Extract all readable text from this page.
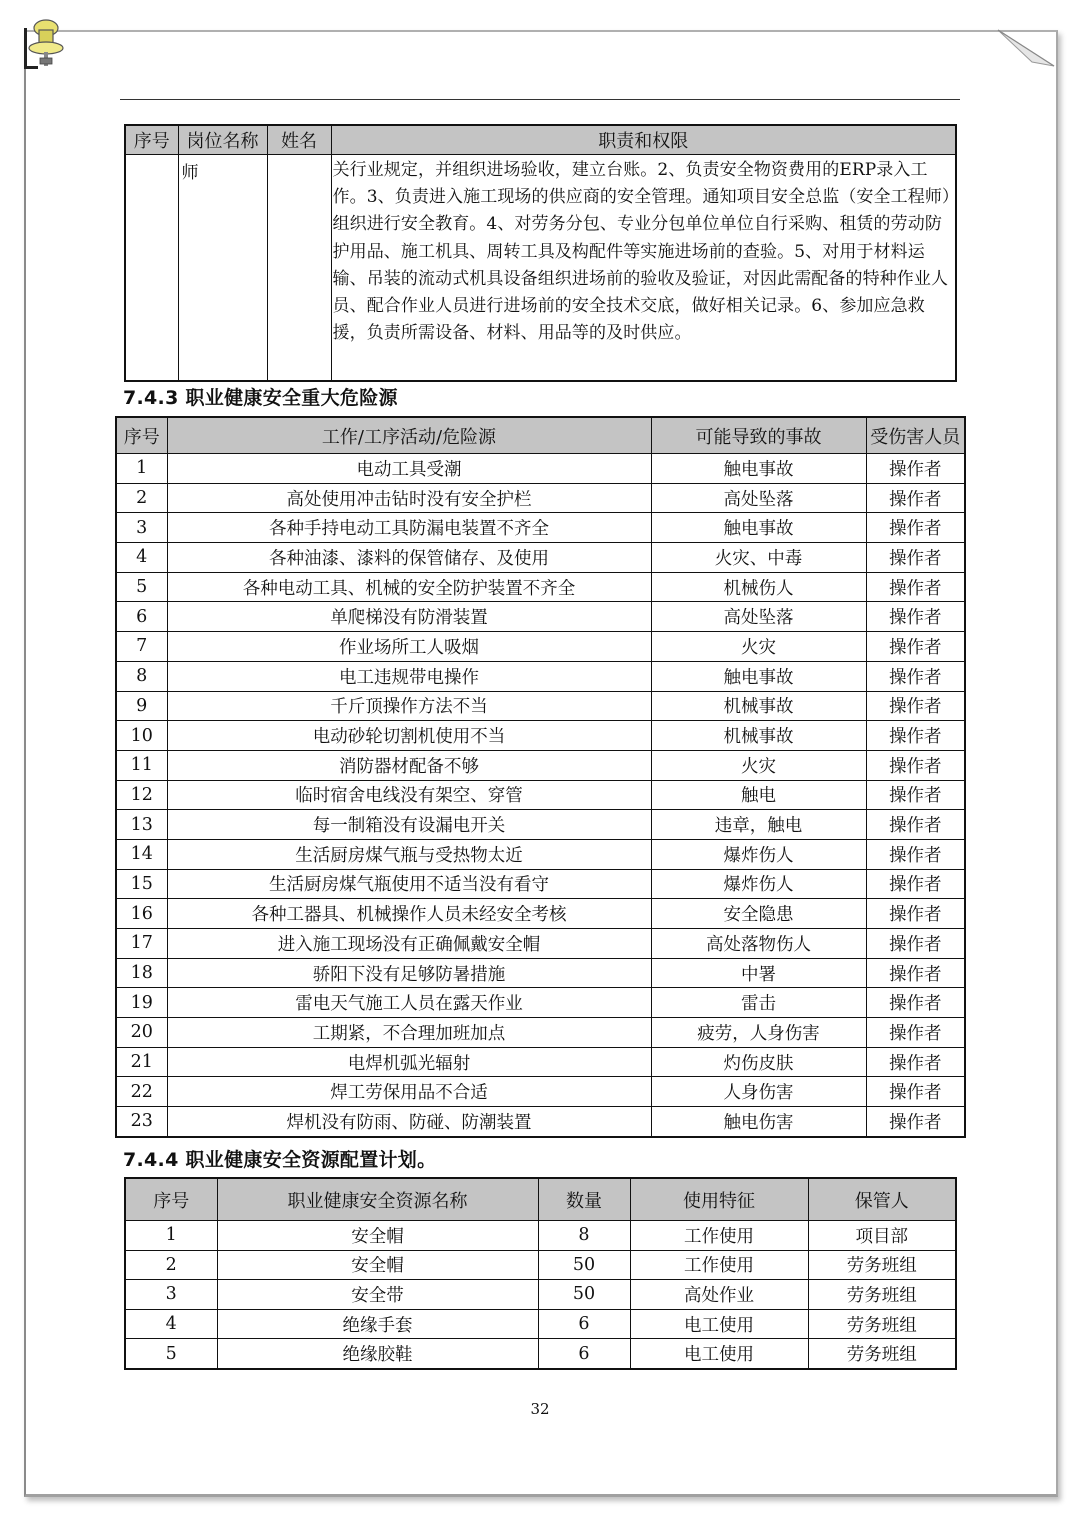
序号	岗位名称	姓名	职责和权限
	师		关行业规定，并组织进场验收，建立台账。2、负责安全物资费用的ERP录入工作。3、负责进入施工现场的供应商的安全管理。通知项目安全总监（安全工程师）组织进行安全教育。4、对劳务分包、专业分包单位单位自行采购、租赁的劳动防护用品、施工机具、周转工具及构配件等实施进场前的查验。5、对用于材料运输、吊装的流动式机具设备组织进场前的验收及验证，对因此需配备的特种作业人员、配合作业人员进行进场前的安全技术交底，做好相关记录。6、参加应急救援，负责所需设备、材料、用品等的及时供应。
7.4.3 职业健康安全重大危险源
序号	工作/工序活动/危险源	可能导致的事故	受伤害人员
1	电动工具受潮	触电事故	操作者
2	高处使用冲击钻时没有安全护栏	高处坠落	操作者
3	各种手持电动工具防漏电装置不齐全	触电事故	操作者
4	各种油漆、漆料的保管储存、及使用	火灾、中毒	操作者
5	各种电动工具、机械的安全防护装置不齐全	机械伤人	操作者
6	单爬梯没有防滑装置	高处坠落	操作者
7	作业场所工人吸烟	火灾	操作者
8	电工违规带电操作	触电事故	操作者
9	千斤顶操作方法不当	机械事故	操作者
10	电动砂轮切割机使用不当	机械事故	操作者
11	消防器材配备不够	火灾	操作者
12	临时宿舍电线没有架空、穿管	触电	操作者
13	每一制箱没有设漏电开关	违章，触电	操作者
14	生活厨房煤气瓶与受热物太近	爆炸伤人	操作者
15	生活厨房煤气瓶使用不适当没有看守	爆炸伤人	操作者
16	各种工器具、机械操作人员未经安全考核	安全隐患	操作者
17	进入施工现场没有正确佩戴安全帽	高处落物伤人	操作者
18	骄阳下没有足够防暑措施	中署	操作者
19	雷电天气施工人员在露天作业	雷击	操作者
20	工期紧，不合理加班加点	疲劳，人身伤害	操作者
21	电焊机弧光辐射	灼伤皮肤	操作者
22	焊工劳保用品不合适	人身伤害	操作者
23	焊机没有防雨、防碰、防潮装置	触电伤害	操作者
7.4.4 职业健康安全资源配置计划。
序号	职业健康安全资源名称	数量	使用特征	保管人
1	安全帽	8	工作使用	项目部
2	安全帽	50	工作使用	劳务班组
3	安全带	50	高处作业	劳务班组
4	绝缘手套	6	电工使用	劳务班组
5	绝缘胶鞋	6	电工使用	劳务班组
32
